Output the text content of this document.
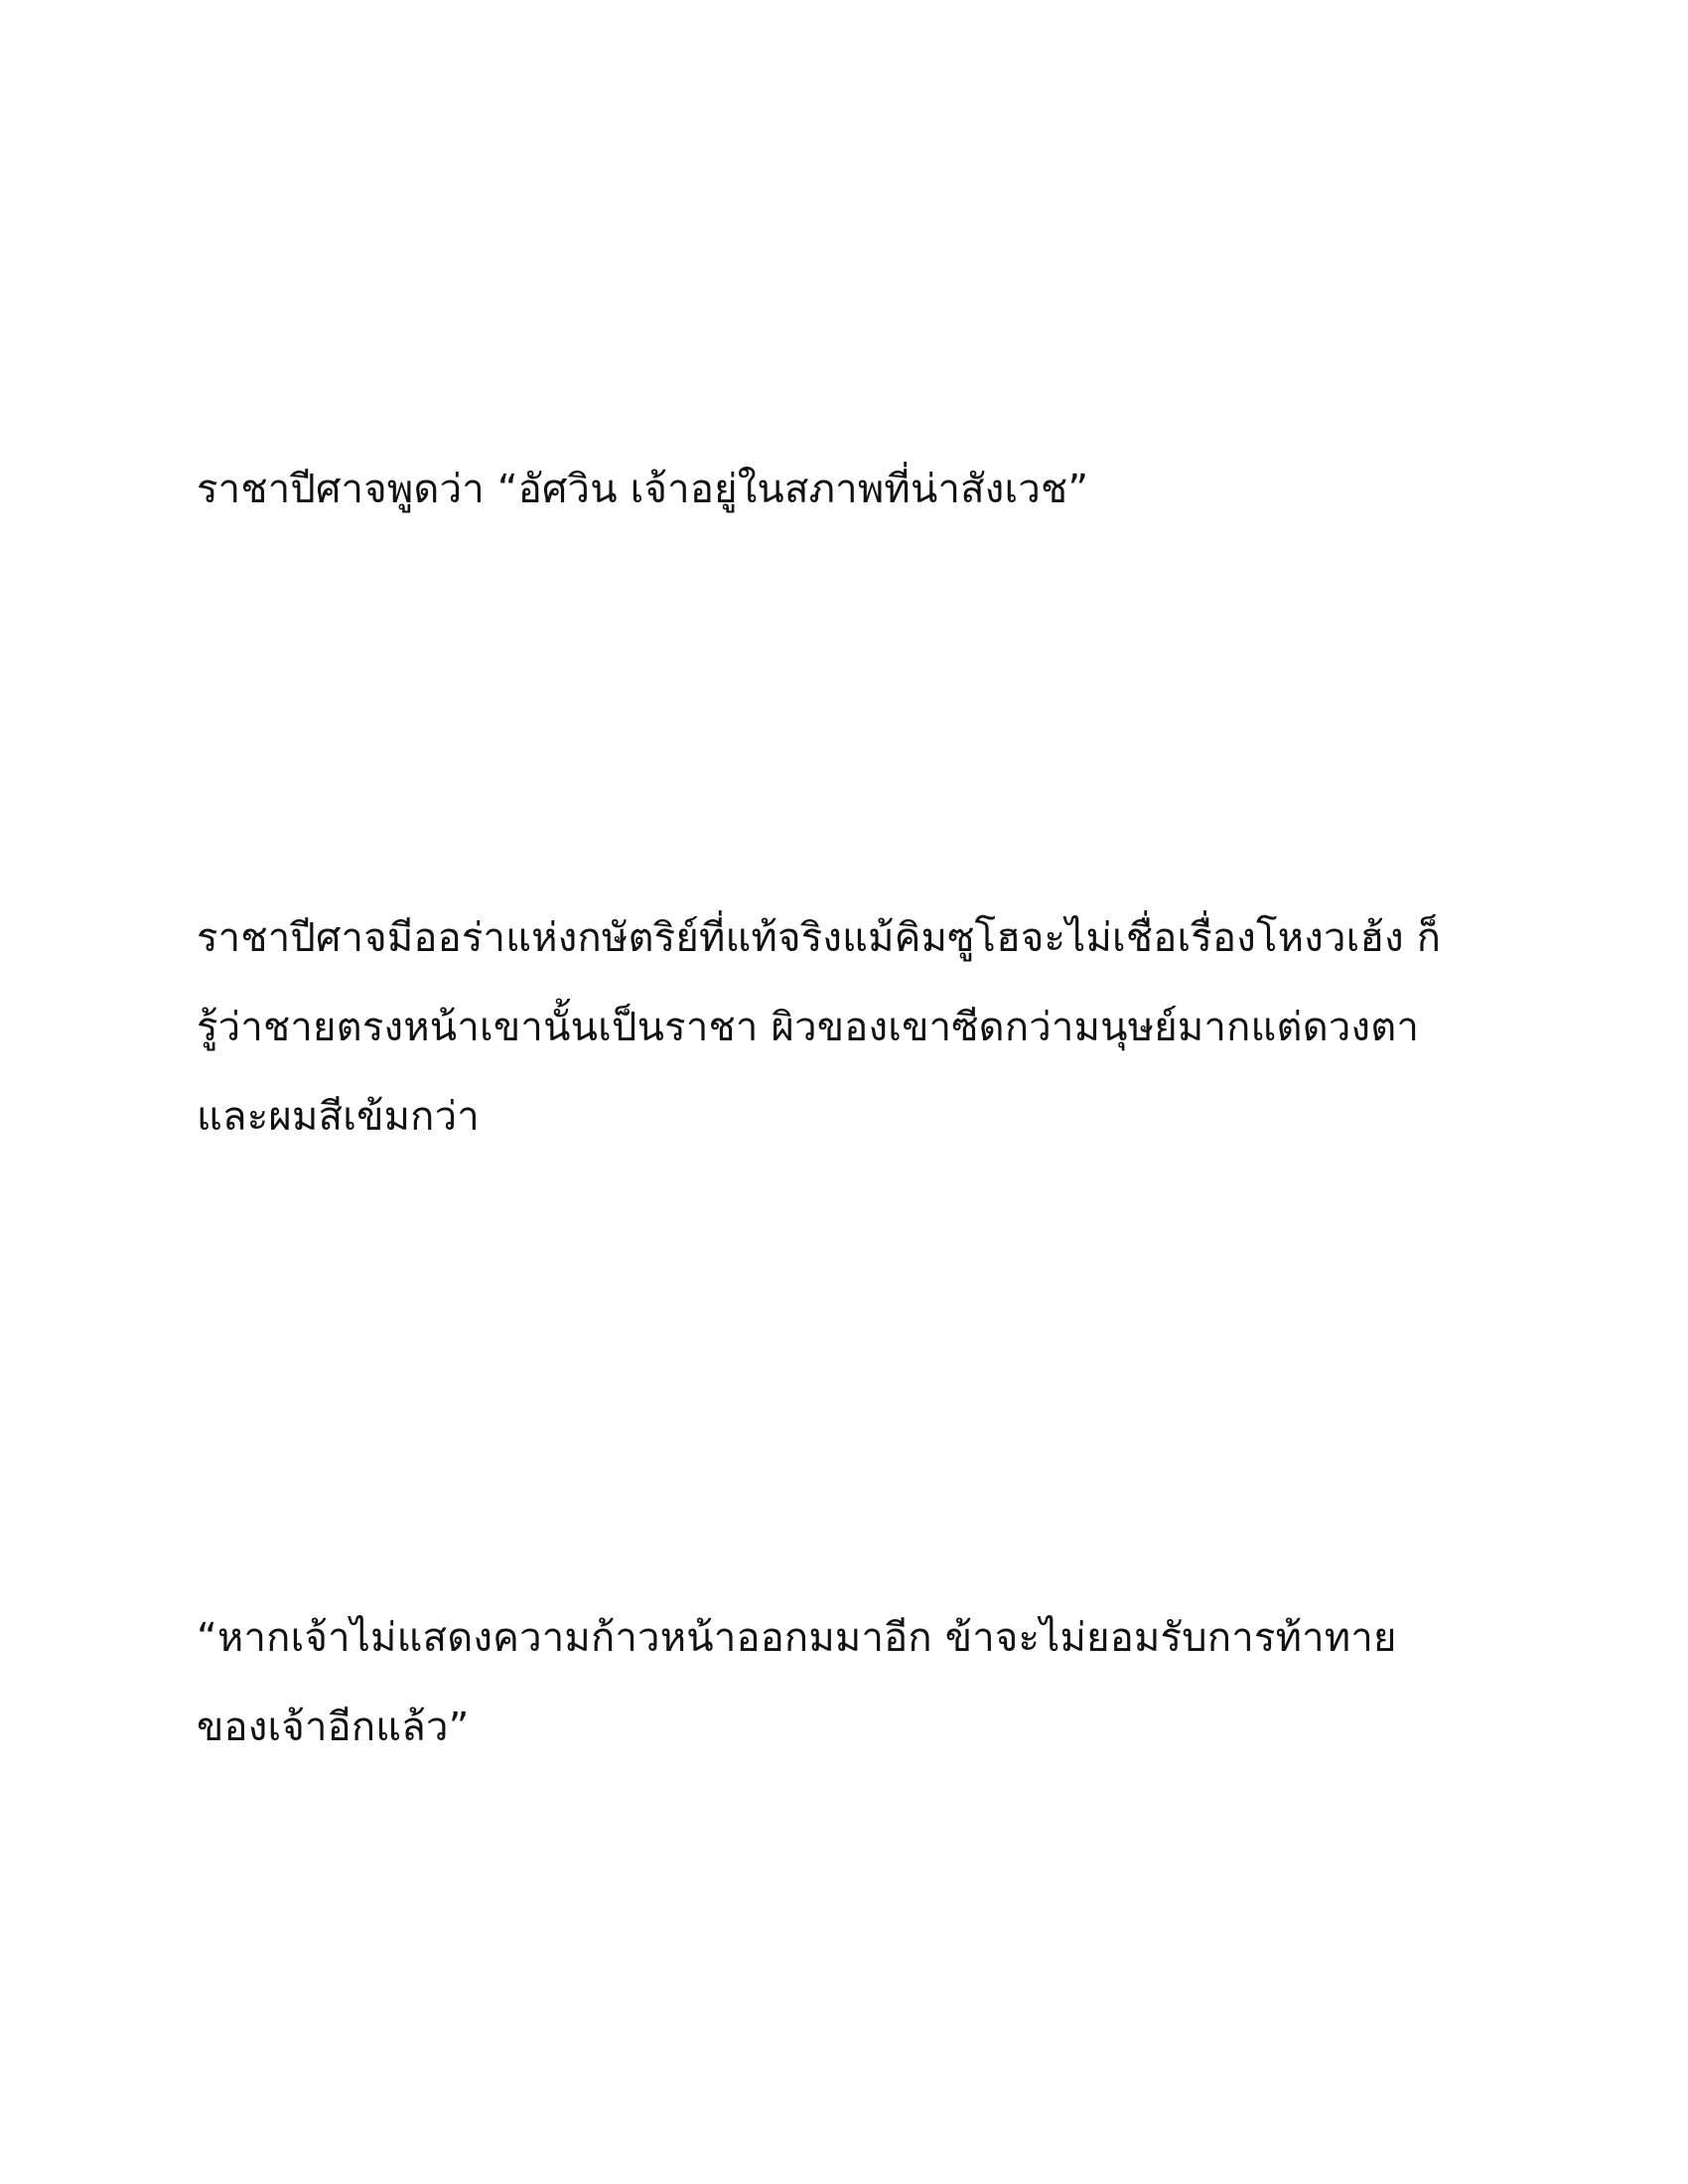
ราชาปีศาจพูดว่า “อัศวิน เจ้าอยู่ในสภาพที่น่าสังเวช”

ราชาปีศาจมีออร่าแห่งกษัตริย์ที่แท้จริงแม้คิมซูโฮจะไม่เชื่อเรื่องโหงวเฮ้ง ก็
รู้ว่าชายตรงหน้าเขานั้นเป็นราชา ผิวของเขาซีดกว่ามนุษย์มากแต่ดวงตา
และผมสีเข้มกว่า

“หากเจ้าไม่แสดงความก้าวหน้าออกมมาอีก ข้าจะไม่ยอมรับการท้าทาย
ของเจ้าอีกแล้ว”
